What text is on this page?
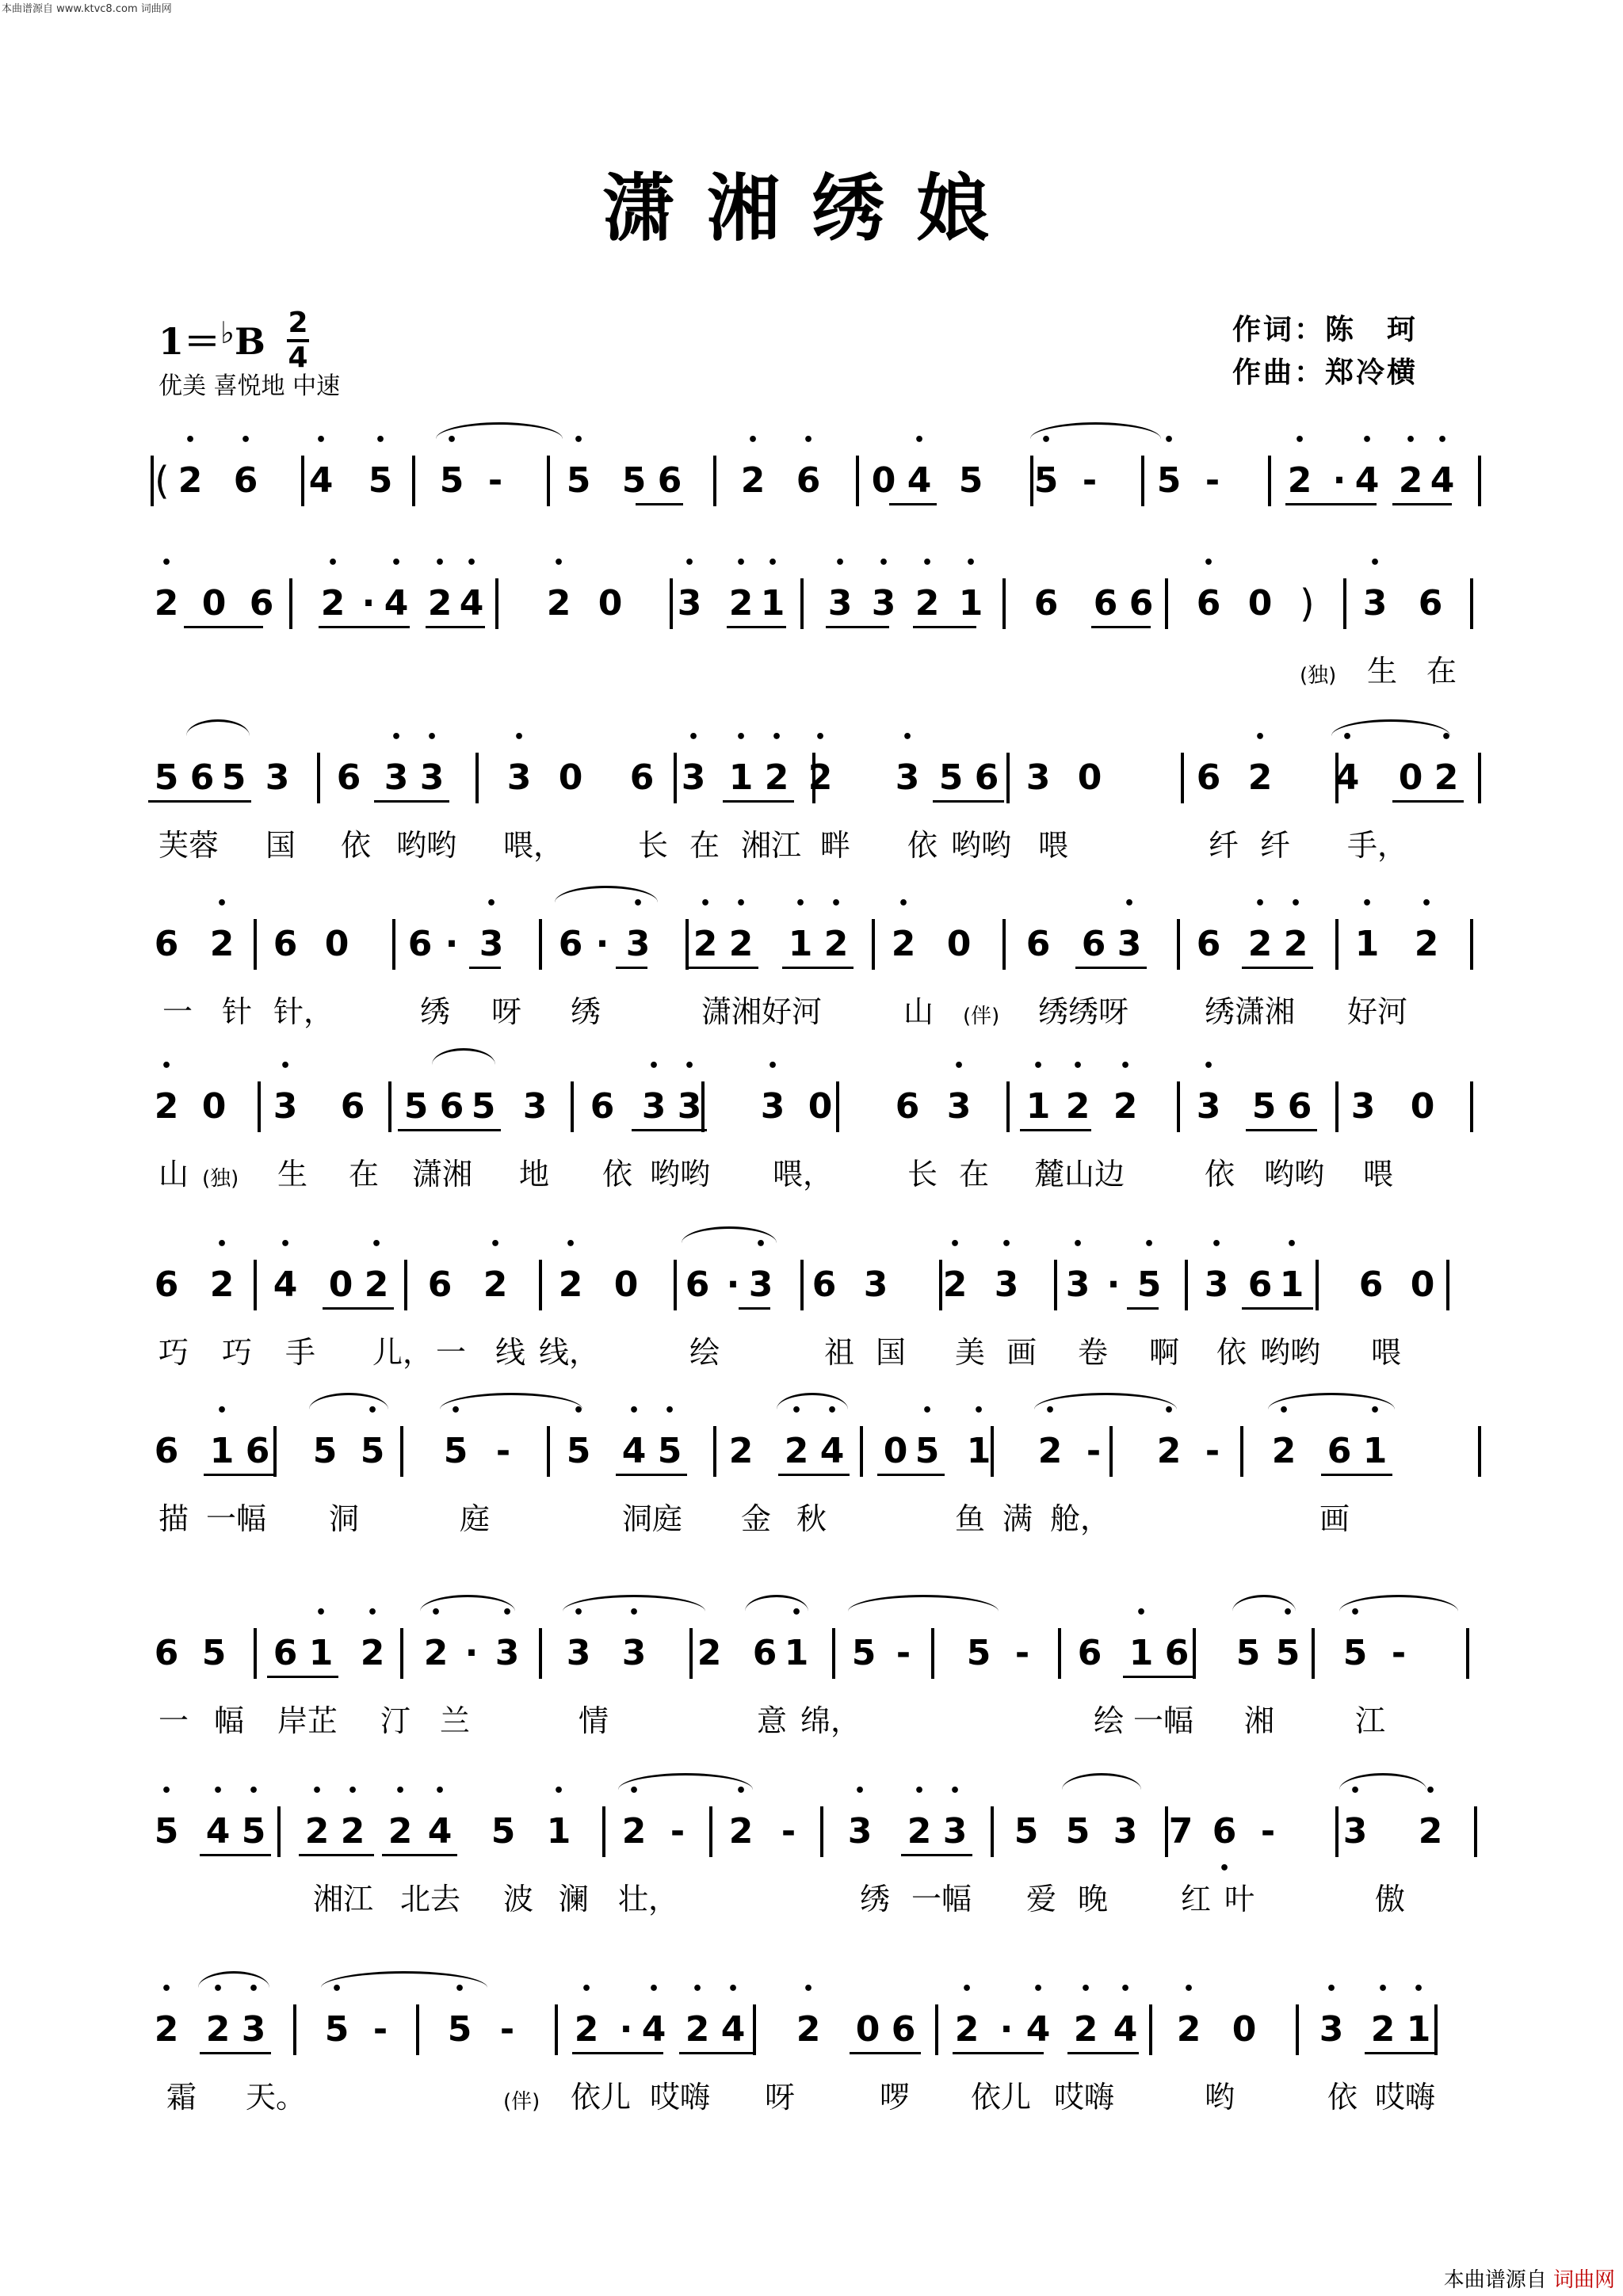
本曲谱源自 www.ktvc8.com 词曲网
潇湘绣娘
1＝♭B 2
4
优美 喜悦地 中速
作词：陈　珂
作曲：郑冷横
( • 2 • 6 • 4 • 5 • 5 - • 5 5 6 • 2 • 6 0 • 4 5 • 5 - • 5 - • 2 · • 4 • 2 • 4
)
• 2 0 6 • 2 · • 4 • 2 • 4 • 2 0 • 3 • 2 • 1 • 3 • 3 • 2 • 1 6 6 6 • 6 0	• 3 6
(独) 生 在
5 6 5 3 6 • 3 • 3 • 3 0 6 • 3 • 1 • 2 • 2 • 3 5 6 3 0	6 • 2 • 4 0 • 2
芙蓉 国 依 哟哟 喂， 长 在 湘江 畔 依 哟哟 喂	纤 纤 手，
6 • 2 6 0 6 · • 3 6 · • 3 • 2 • 2 • 1 • 2 • 2 0 6 6 • 3 6 • 2 • 2 • 1 • 2
一 针 针，	绣 呀 绣	潇湘好河	山 (伴) 绣绣呀	绣潇湘 好河
• 2 0 • 3 6 5 6 5 3 6 • 3 • 3 • 3 0 6 • 3 • 1 • 2 • 2 • 3 5 6 3 0
山 (独) 生 在 潇湘 地 依 哟哟 喂， 长 在 麓山边	依 哟哟 喂
6 • 2 • 4 0 • 2 6 • 2 • 2 0 6 · • 3 6 3 • 2 • 3 • 3 · • 5 • 3 6 • 1 6 0
巧 巧 手 儿， 一 线 线，	绘	祖 国 美 画 卷 啊 依 哟哟 喂
6 • 1 6 5 • 5 • 5 - • 5 • 4 • 5 2 • 2 • 4 0 • 5 • 1 • 2 - • 2 - • 2 6 • 1
描 一幅 洞	庭	洞庭 金 秋	鱼 满 舱，	画
6 5 6 • 1 • 2 • 2 · • 3 • 3 • 3 2 6 • 1 5 - 5 - 6 • 1 6 5 • 5 • 5 -
一 幅 岸芷 汀 兰	情	意 绵，	绘 一幅 湘	江
• 5 • 4 • 5 • 2 • 2 • 2 • 4 5 • 1 • 2 - • 2 - • 3 • 2 • 3 5 5 3 7 6 • - • 3 • 2
湘江 北去 波 澜 壮，	绣 一幅 爱 晚 红 叶	傲
• 2 • 2 • 3 • 5 - • 5 - • 2 · • 4 • 2 • 4 • 2 0 6 • 2 · • 4 • 2 • 4 • 2 0 • 3 • 2 • 1
霜 天。	(伴) 依儿 哎嗨 呀	啰 依儿 哎嗨	哟	依 哎嗨
本曲谱源自 词曲网
